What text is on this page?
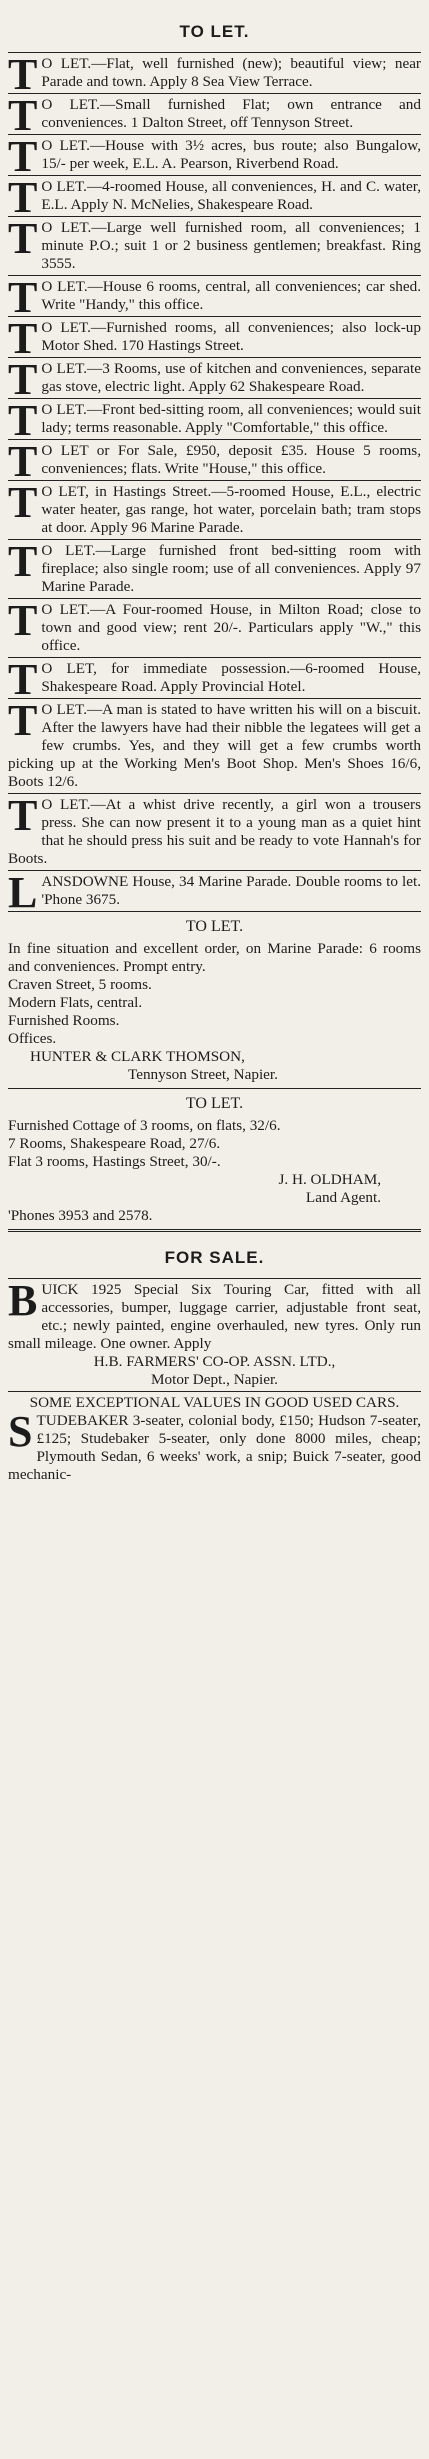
TO LET.
T O LET.—Flat, well furnished (new); beautiful view; near Parade and town. Apply 8 Sea View Terrace.

T O LET.—Small furnished Flat; own entrance and conveniences. 1 Dalton Street, off Tennyson Street.

T O LET.—House with 3½ acres, bus route; also Bungalow, 15/- per week, E.L. A. Pearson, Riverbend Road.

T O LET.—4-roomed House, all conveniences, H. and C. water, E.L. Apply N. McNelies, Shakespeare Road.

T O LET.—Large well furnished room, all conveniences; 1 minute P.O.; suit 1 or 2 business gentlemen; breakfast. Ring 3555.

T O LET.—House 6 rooms, central, all conveniences; car shed. Write "Handy," this office.

T O LET.—Furnished rooms, all conveniences; also lock-up Motor Shed. 170 Hastings Street.

T O LET.—3 Rooms, use of kitchen and conveniences, separate gas stove, electric light. Apply 62 Shakespeare Road.

T O LET.—Front bed-sitting room, all conveniences; would suit lady; terms reasonable. Apply "Comfortable," this office.

T O LET or For Sale, £950, deposit £35. House 5 rooms, conveniences; flats. Write "House," this office.

T O LET, in Hastings Street.—5-roomed House, E.L., electric water heater, gas range, hot water, porcelain bath; tram stops at door. Apply 96 Marine Parade.

T O LET.—Large furnished front bed-sitting room with fireplace; also single room; use of all conveniences. Apply 97 Marine Parade.

T O LET.—A Four-roomed House, in Milton Road; close to town and good view; rent 20/-. Particulars apply "W.," this office.

T O LET, for immediate possession.—6-roomed House, Shakespeare Road. Apply Provincial Hotel.

T O LET.—A man is stated to have written his will on a biscuit. After the lawyers have had their nibble the legatees will get a few crumbs. Yes, and they will get a few crumbs worth picking up at the Working Men's Boot Shop. Men's Shoes 16/6, Boots 12/6.

T O LET.—At a whist drive recently, a girl won a trousers press. She can now present it to a young man as a quiet hint that he should press his suit and be ready to vote Hannah's for Boots.

L ANSDOWNE House, 34 Marine Parade. Double rooms to let. 'Phone 3675.

TO LET.

In fine situation and excellent order, on Marine Parade: 6 rooms and conveniences. Prompt entry.

Craven Street, 5 rooms.
Modern Flats, central.
Furnished Rooms.
Offices.
HUNTER & CLARK THOMSON,
Tennyson Street, Napier.
TO LET.
Furnished Cottage of 3 rooms, on flats, 32/6.
7 Rooms, Shakespeare Road, 27/6.
Flat 3 rooms, Hastings Street, 30/-.
J. H. OLDHAM,
Land Agent.
'Phones 3953 and 2578.
FOR SALE.
B UICK 1925 Special Six Touring Car, fitted with all accessories, bumper, luggage carrier, adjustable front seat, etc.; newly painted, engine overhauled, new tyres. Only run small mileage. One owner. Apply

H.B. FARMERS' CO-OP. ASSN. LTD.,

Motor Dept., Napier.

SOME EXCEPTIONAL VALUES IN GOOD USED CARS.

S TUDEBAKER 3-seater, colonial body, £150; Hudson 7-seater, £125; Studebaker 5-seater, only done 8000 miles, cheap; Plymouth Sedan, 6 weeks' work, a snip; Buick 7-seater, good mechanic-
